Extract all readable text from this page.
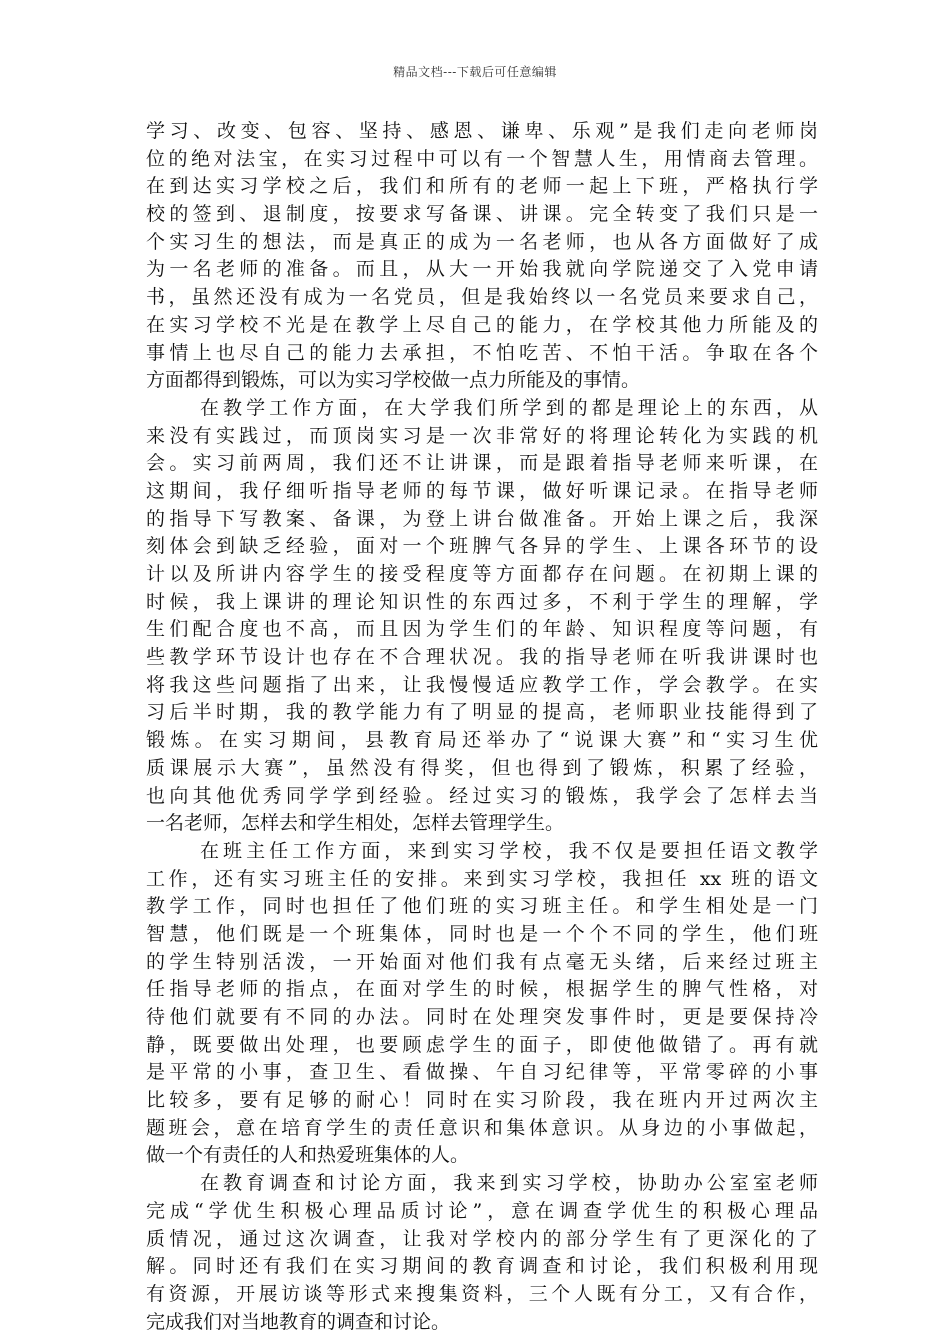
精品文档---下载后可任意编辑
学习、改变、包容、坚持、感恩、谦卑、乐观”是我们走向老师岗
位的绝对法宝，在实习过程中可以有一个智慧人生，用情商去管理。
在到达实习学校之后，我们和所有的老师一起上下班，严格执行学
校的签到、退制度，按要求写备课、讲课。完全转变了我们只是一
个实习生的想法，而是真正的成为一名老师，也从各方面做好了成
为一名老师的准备。而且，从大一开始我就向学院递交了入党申请
书，虽然还没有成为一名党员，但是我始终以一名党员来要求自己，
在实习学校不光是在教学上尽自己的能力，在学校其他力所能及的
事情上也尽自己的能力去承担，不怕吃苦、不怕干活。争取在各个
方面都得到锻炼，可以为实习学校做一点力所能及的事情。
在教学工作方面，在大学我们所学到的都是理论上的东西，从
来没有实践过，而顶岗实习是一次非常好的将理论转化为实践的机
会。实习前两周，我们还不让讲课，而是跟着指导老师来听课，在
这期间，我仔细听指导老师的每节课，做好听课记录。在指导老师
的指导下写教案、备课，为登上讲台做准备。开始上课之后，我深
刻体会到缺乏经验，面对一个班脾气各异的学生、上课各环节的设
计以及所讲内容学生的接受程度等方面都存在问题。在初期上课的
时候，我上课讲的理论知识性的东西过多，不利于学生的理解，学
生们配合度也不高，而且因为学生们的年龄、知识程度等问题，有
些教学环节设计也存在不合理状况。我的指导老师在听我讲课时也
将我这些问题指了出来，让我慢慢适应教学工作，学会教学。在实
习后半时期，我的教学能力有了明显的提高，老师职业技能得到了
锻炼。在实习期间，县教育局还举办了“说课大赛”和“实习生优
质课展示大赛”，虽然没有得奖，但也得到了锻炼，积累了经验，
也向其他优秀同学学到经验。经过实习的锻炼，我学会了怎样去当
一名老师，怎样去和学生相处，怎样去管理学生。
在班主任工作方面，来到实习学校，我不仅是要担任语文教学
工作，还有实习班主任的安排。来到实习学校，我担任 xx 班的语文
教学工作，同时也担任了他们班的实习班主任。和学生相处是一门
智慧，他们既是一个班集体，同时也是一个个不同的学生，他们班
的学生特别活泼，一开始面对他们我有点毫无头绪，后来经过班主
任指导老师的指点，在面对学生的时候，根据学生的脾气性格，对
待他们就要有不同的办法。同时在处理突发事件时，更是要保持冷
静，既要做出处理，也要顾虑学生的面子，即使他做错了。再有就
是平常的小事，查卫生、看做操、午自习纪律等，平常零碎的小事
比较多，要有足够的耐心！同时在实习阶段，我在班内开过两次主
题班会，意在培育学生的责任意识和集体意识。从身边的小事做起，
做一个有责任的人和热爱班集体的人。
在教育调查和讨论方面，我来到实习学校，协助办公室室老师
完成“学优生积极心理品质讨论”，意在调查学优生的积极心理品
质情况，通过这次调查，让我对学校内的部分学生有了更深化的了
解。同时还有我们在实习期间的教育调查和讨论，我们积极利用现
有资源，开展访谈等形式来搜集资料，三个人既有分工，又有合作，
完成我们对当地教育的调查和讨论。
